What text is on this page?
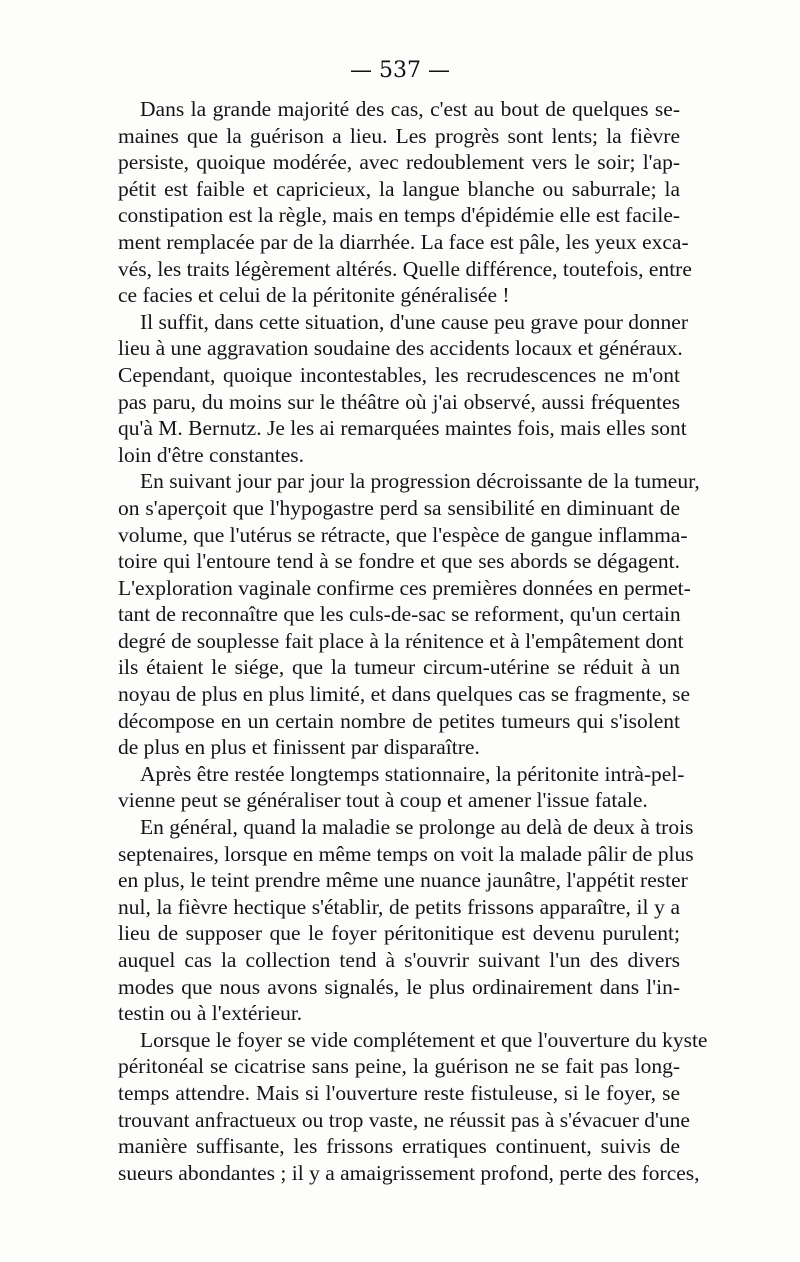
— 537 —
Dans la grande majorité des cas, c'est au bout de quelques se-
maines que la guérison a lieu. Les progrès sont lents; la fièvre
persiste, quoique modérée, avec redoublement vers le soir; l'ap-
pétit est faible et capricieux, la langue blanche ou saburrale; la
constipation est la règle, mais en temps d'épidémie elle est facile-
ment remplacée par de la diarrhée. La face est pâle, les yeux exca-
vés, les traits légèrement altérés. Quelle différence, toutefois, entre
ce facies et celui de la péritonite généralisée !
Il suffit, dans cette situation, d'une cause peu grave pour donner
lieu à une aggravation soudaine des accidents locaux et généraux.
Cependant, quoique incontestables, les recrudescences ne m'ont
pas paru, du moins sur le théâtre où j'ai observé, aussi fréquentes
qu'à M. Bernutz. Je les ai remarquées maintes fois, mais elles sont
loin d'être constantes.
En suivant jour par jour la progression décroissante de la tumeur,
on s'aperçoit que l'hypogastre perd sa sensibilité en diminuant de
volume, que l'utérus se rétracte, que l'espèce de gangue inflamma-
toire qui l'entoure tend à se fondre et que ses abords se dégagent.
L'exploration vaginale confirme ces premières données en permet-
tant de reconnaître que les culs-de-sac se reforment, qu'un certain
degré de souplesse fait place à la rénitence et à l'empâtement dont
ils étaient le siége, que la tumeur circum-utérine se réduit à un
noyau de plus en plus limité, et dans quelques cas se fragmente, se
décompose en un certain nombre de petites tumeurs qui s'isolent
de plus en plus et finissent par disparaître.
Après être restée longtemps stationnaire, la péritonite intrà-pel-
vienne peut se généraliser tout à coup et amener l'issue fatale.
En général, quand la maladie se prolonge au delà de deux à trois
septenaires, lorsque en même temps on voit la malade pâlir de plus
en plus, le teint prendre même une nuance jaunâtre, l'appétit rester
nul, la fièvre hectique s'établir, de petits frissons apparaître, il y a
lieu de supposer que le foyer péritonitique est devenu purulent;
auquel cas la collection tend à s'ouvrir suivant l'un des divers
modes que nous avons signalés, le plus ordinairement dans l'in-
testin ou à l'extérieur.
Lorsque le foyer se vide complétement et que l'ouverture du kyste
péritonéal se cicatrise sans peine, la guérison ne se fait pas long-
temps attendre. Mais si l'ouverture reste fistuleuse, si le foyer, se
trouvant anfractueux ou trop vaste, ne réussit pas à s'évacuer d'une
manière suffisante, les frissons erratiques continuent, suivis de
sueurs abondantes ; il y a amaigrissement profond, perte des forces,
